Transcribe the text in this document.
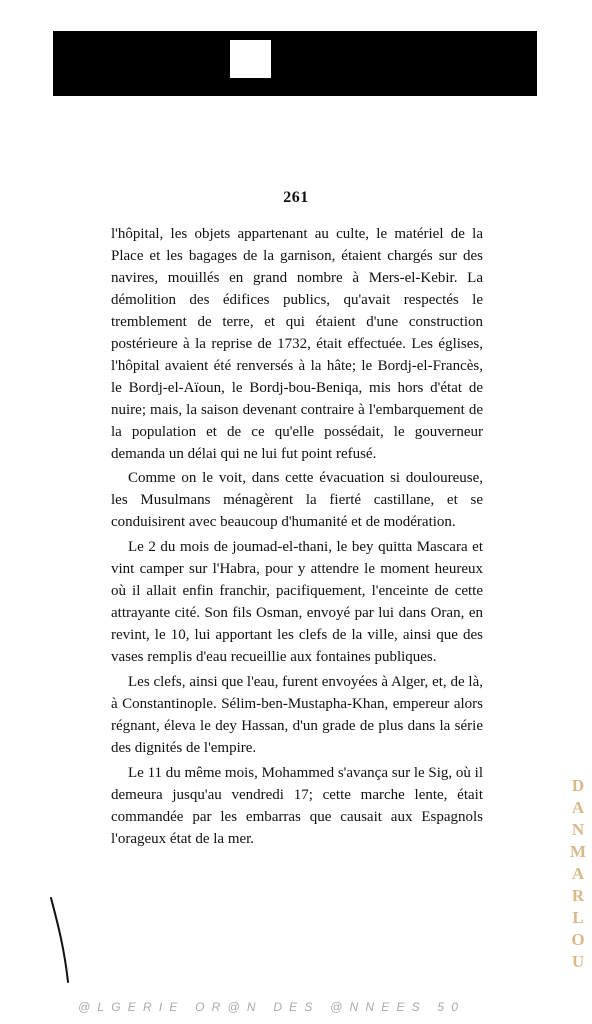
261

l'hôpital, les objets appartenant au culte, le matériel de la Place et les bagages de la garnison, étaient chargés sur des navires, mouillés en grand nombre à Mers-el-Kebir. La démolition des édifices publics, qu'avait respectés le tremblement de terre, et qui étaient d'une construction postérieure à la reprise de 1732, était effectuée. Les églises, l'hôpital avaient été renversés à la hâte; le Bordj-el-Francès, le Bordj-el-Aïoun, le Bordj-bou-Beniqa, mis hors d'état de nuire; mais, la saison devenant contraire à l'embarquement de la population et de ce qu'elle possédait, le gouverneur demanda un délai qui ne lui fut point refusé.

Comme on le voit, dans cette évacuation si douloureuse, les Musulmans ménagèrent la fierté castillane, et se conduisirent avec beaucoup d'humanité et de modération.

Le 2 du mois de joumad-el-thani, le bey quitta Mascara et vint camper sur l'Habra, pour y attendre le moment heureux où il allait enfin franchir, pacifiquement, l'enceinte de cette attrayante cité. Son fils Osman, envoyé par lui dans Oran, en revint, le 10, lui apportant les clefs de la ville, ainsi que des vases remplis d'eau recueillie aux fontaines publiques.

Les clefs, ainsi que l'eau, furent envoyées à Alger, et, de là, à Constantinople. Sélim-ben-Mustapha-Khan, empereur alors régnant, éleva le dey Hassan, d'un grade de plus dans la série des dignités de l'empire.

Le 11 du même mois, Mohammed s'avança sur le Sig, où il demeura jusqu'au vendredi 17; cette marche lente, était commandée par les embarras que causait aux Espagnols l'orageux état de la mer.

D
A
N
M
A
R
L
O
U
@LGERIE OR@N DES @NNEES 50
